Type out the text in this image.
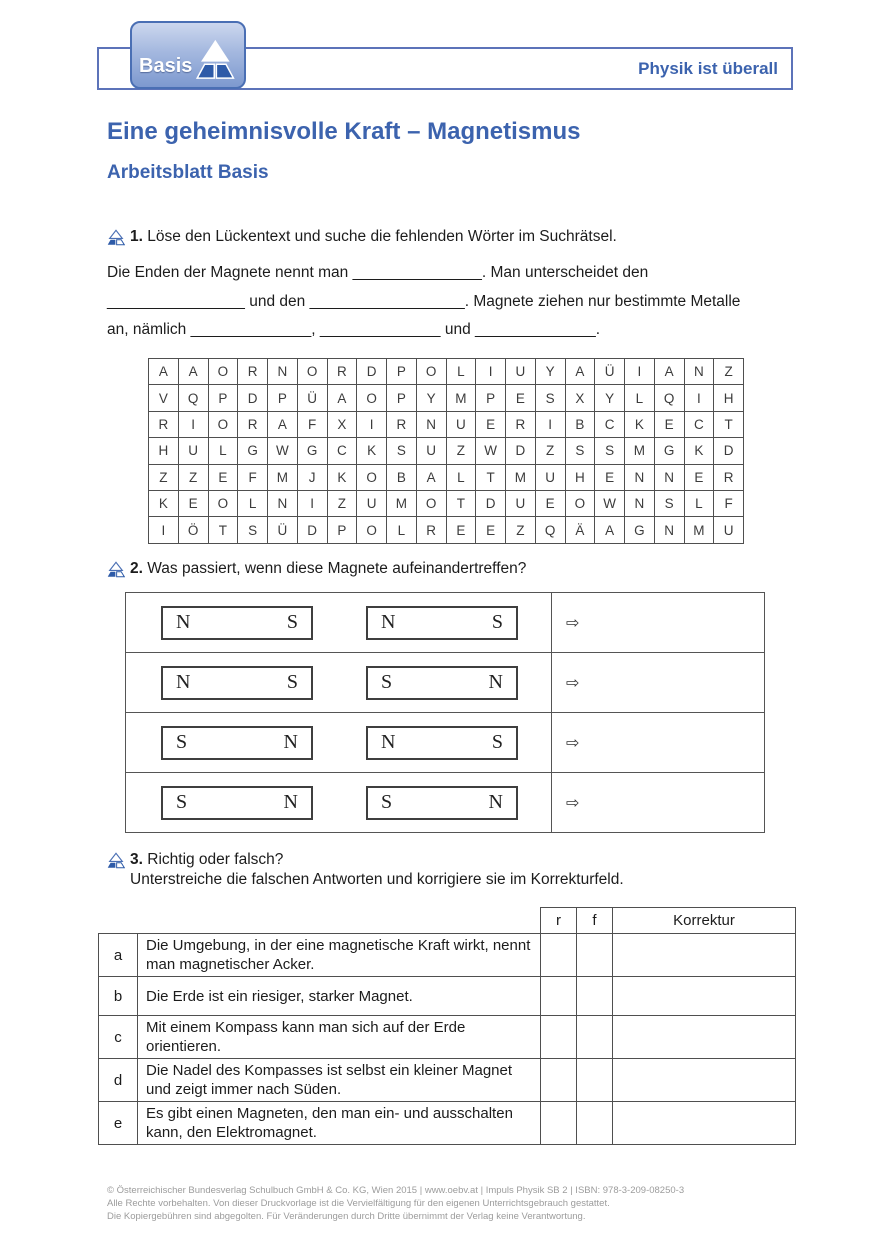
Physik ist überall
Basis
Eine geheimnisvolle Kraft – Magnetismus
Arbeitsblatt Basis
1. Löse den Lückentext und suche die fehlenden Wörter im Suchrätsel.
Die Enden der Magnete nennt man _______________. Man unterscheidet den
________________ und den __________________. Magnete ziehen nur bestimmte Metalle
an, nämlich ______________, ______________ und ______________.
A	A	O	R	N	O	R	D	P	O	L	I	U	Y	A	Ü	I	A	N	Z
V	Q	P	D	P	Ü	A	O	P	Y	M	P	E	S	X	Y	L	Q	I	H
R	I	O	R	A	F	X	I	R	N	U	E	R	I	B	C	K	E	C	T
H	U	L	G	W	G	C	K	S	U	Z	W	D	Z	S	S	M	G	K	D
Z	Z	E	F	M	J	K	O	B	A	L	T	M	U	H	E	N	N	E	R
K	E	O	L	N	I	Z	U	M	O	T	D	U	E	O	W	N	S	L	F
I	Ö	T	S	Ü	D	P	O	L	R	E	E	Z	Q	Ä	A	G	N	M	U
2. Was passiert, wenn diese Magnete aufeinandertreffen?
N	S	N	S	⇨
N	S	S	N	⇨
S	N	N	S	⇨
S	N	S	N	⇨
3. Richtig oder falsch?
Unterstreiche die falschen Antworten und korrigiere sie im Korrekturfeld.
		r	f	Korrektur
a	Die Umgebung, in der eine magnetische Kraft wirkt, nennt man magnetischer Acker.			
b	Die Erde ist ein riesiger, starker Magnet.			
c	Mit einem Kompass kann man sich auf der Erde orientieren.			
d	Die Nadel des Kompasses ist selbst ein kleiner Magnet und zeigt immer nach Süden.			
e	Es gibt einen Magneten, den man ein- und ausschalten kann, den Elektromagnet.			
© Österreichischer Bundesverlag Schulbuch GmbH & Co. KG, Wien 2015 | www.oebv.at | Impuls Physik SB 2 | ISBN: 978-3-209-08250-3
Alle Rechte vorbehalten. Von dieser Druckvorlage ist die Vervielfältigung für den eigenen Unterrichtsgebrauch gestattet.
Die Kopiergebühren sind abgegolten. Für Veränderungen durch Dritte übernimmt der Verlag keine Verantwortung.
